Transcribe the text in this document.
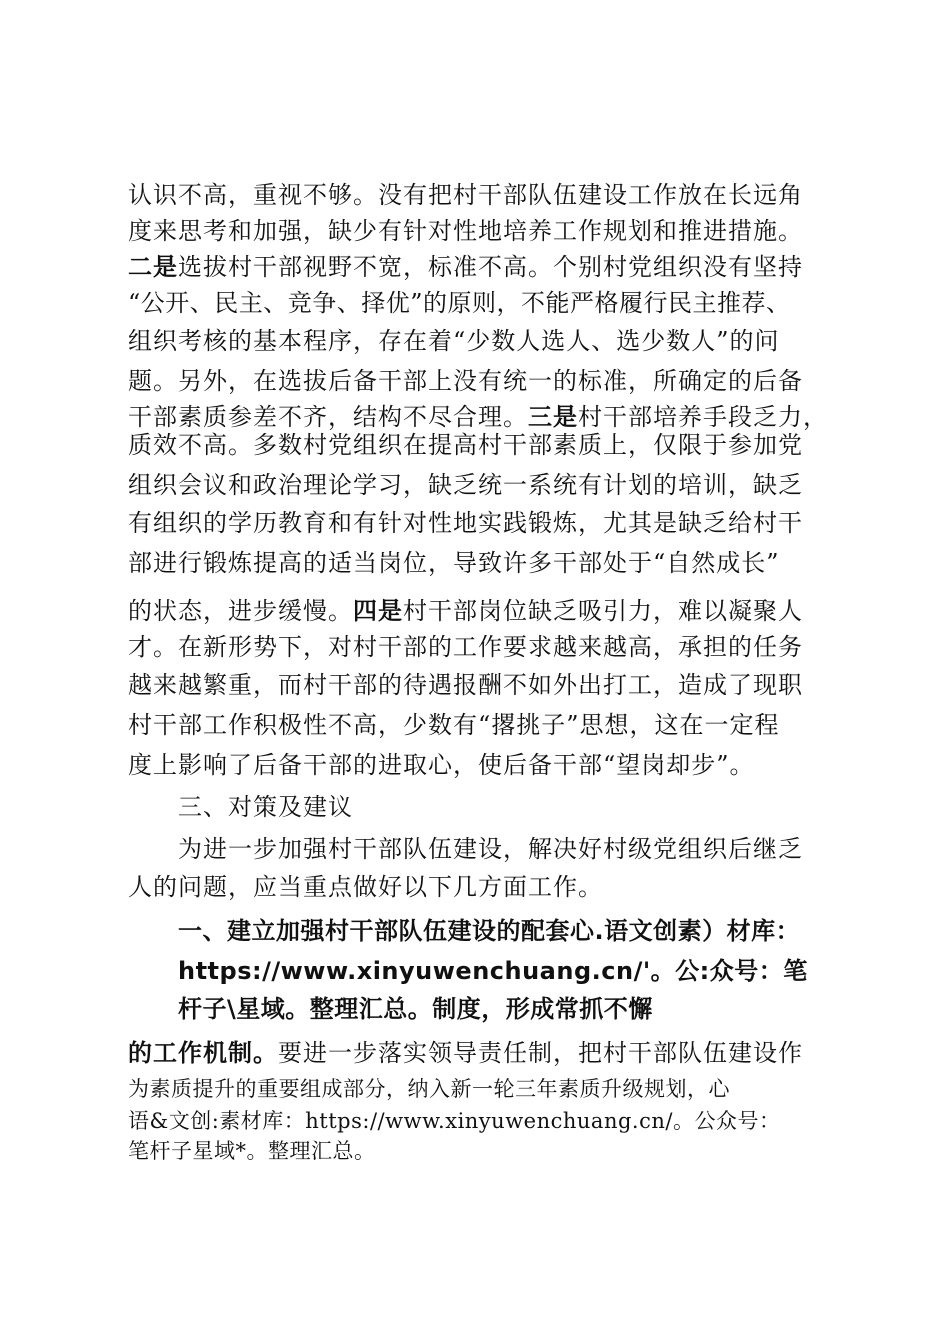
认识不高，重视不够。没有把村干部队伍建设工作放在长远角
度来思考和加强，缺少有针对性地培养工作规划和推进措施。
二是选拔村干部视野不宽，标准不高。个别村党组织没有坚持
“公开、民主、竞争、择优”的原则，不能严格履行民主推荐、
组织考核的基本程序，存在着“少数人选人、选少数人”的问
题。另外，在选拔后备干部上没有统一的标准，所确定的后备
干部素质参差不齐，结构不尽合理。三是村干部培养手段乏力，
质效不高。多数村党组织在提高村干部素质上，仅限于参加党
组织会议和政治理论学习，缺乏统一系统有计划的培训，缺乏
有组织的学历教育和有针对性地实践锻炼，尤其是缺乏给村干
部进行锻炼提高的适当岗位，导致许多干部处于“自然成长”
的状态，进步缓慢。四是村干部岗位缺乏吸引力，难以凝聚人
才。在新形势下，对村干部的工作要求越来越高，承担的任务
越来越繁重，而村干部的待遇报酬不如外出打工，造成了现职
村干部工作积极性不高，少数有“撂挑子”思想，这在一定程
度上影响了后备干部的进取心，使后备干部“望岗却步”。
三、对策及建议
为进一步加强村干部队伍建设，解决好村级党组织后继乏
人的问题，应当重点做好以下几方面工作。
一、建立加强村干部队伍建设的配套心.语文创素）材库：
https://www.xinyuwenchuang.cn/'。公:众号：笔
杆子\星域。整理汇总。制度，形成常抓不懈
的工作机制。要进一步落实领导责任制，把村干部队伍建设作
为素质提升的重要组成部分，纳入新一轮三年素质升级规划，心
语&文创:素材库：https://www.xinyuwenchuang.cn/。公众号：
笔杆子星域*。整理汇总。
